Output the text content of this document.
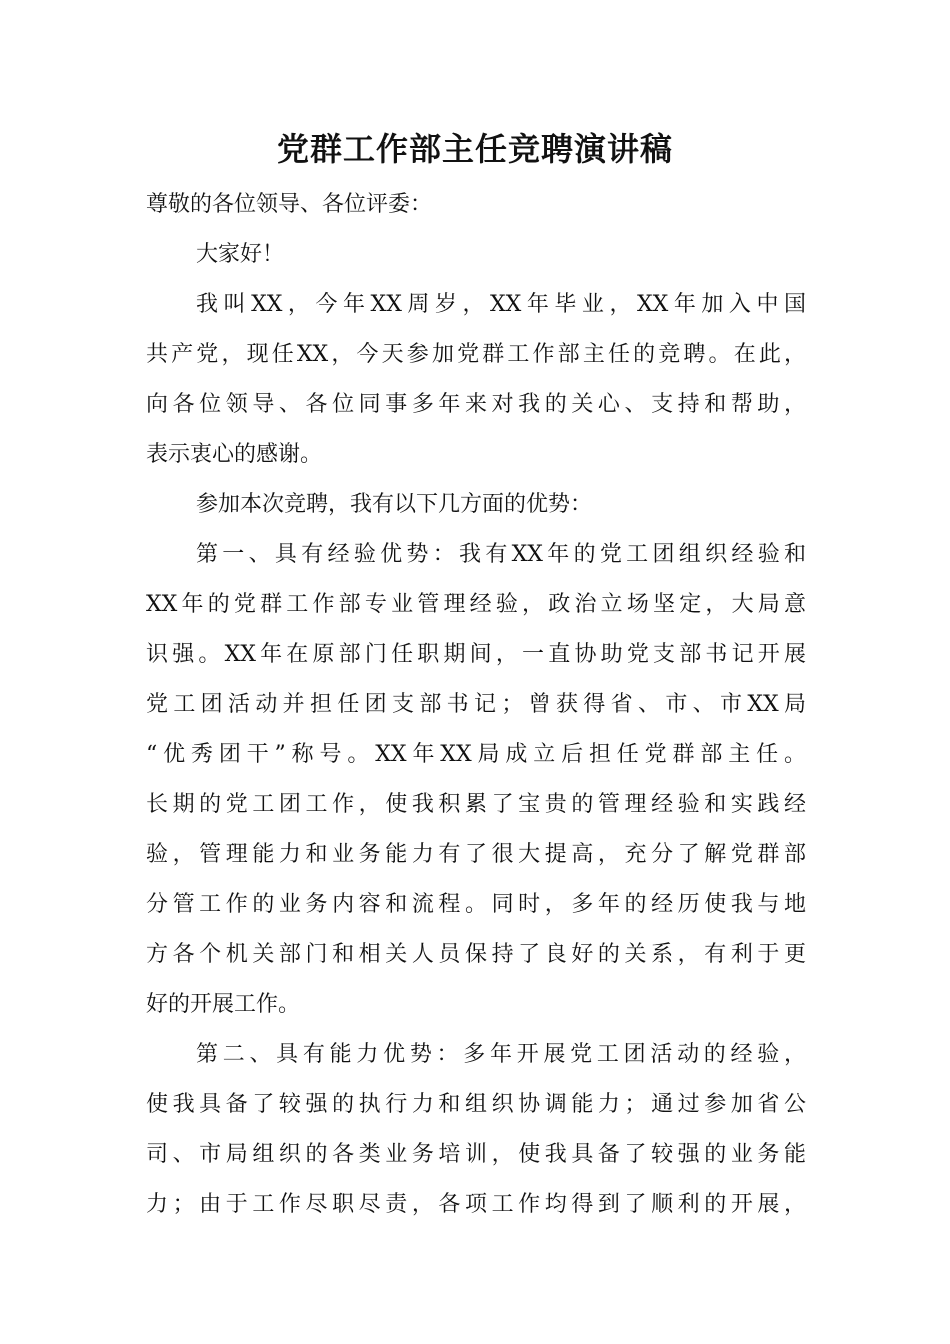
党群工作部主任竞聘演讲稿
尊敬的各位领导、各位评委：
大家好！
我叫XX，今年XX周岁，XX年毕业，XX年加入中国
共产党，现任XX，今天参加党群工作部主任的竞聘。在此，
向各位领导、各位同事多年来对我的关心、支持和帮助，
表示衷心的感谢。
参加本次竞聘，我有以下几方面的优势：
第一、具有经验优势：我有XX年的党工团组织经验和
XX年的党群工作部专业管理经验，政治立场坚定，大局意
识强。XX年在原部门任职期间，一直协助党支部书记开展
党工团活动并担任团支部书记；曾获得省、市、市XX局
“优秀团干”称号。XX年XX局成立后担任党群部主任。
长期的党工团工作，使我积累了宝贵的管理经验和实践经
验，管理能力和业务能力有了很大提高，充分了解党群部
分管工作的业务内容和流程。同时，多年的经历使我与地
方各个机关部门和相关人员保持了良好的关系，有利于更
好的开展工作。
第二、具有能力优势：多年开展党工团活动的经验，
使我具备了较强的执行力和组织协调能力；通过参加省公
司、市局组织的各类业务培训，使我具备了较强的业务能
力；由于工作尽职尽责，各项工作均得到了顺利的开展，
